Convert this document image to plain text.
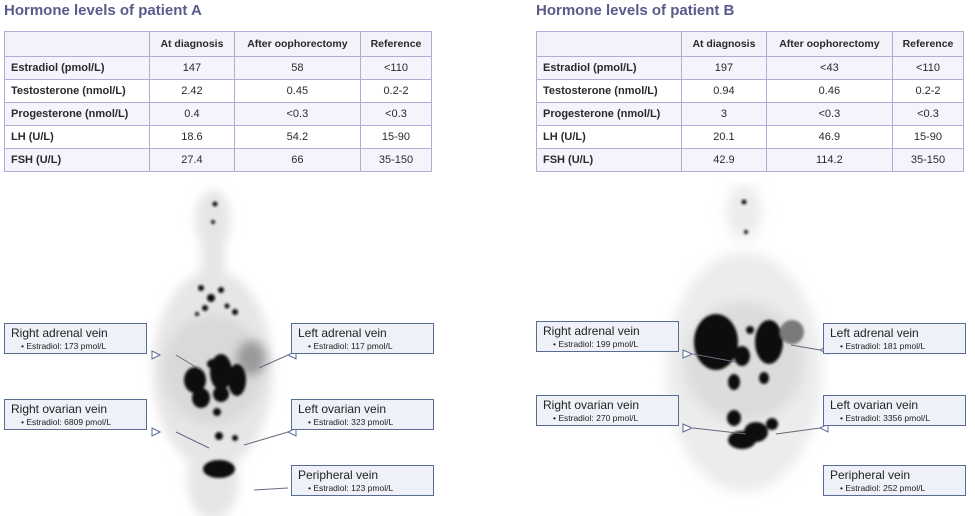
Hormone levels of patient A
	At diagnosis	After oophorectomy	Reference
Estradiol (pmol/L)	147	58	<110
Testosterone (nmol/L)	2.42	0.45	0.2-2
Progesterone (nmol/L)	0.4	<0.3	<0.3
LH (U/L)	18.6	54.2	15-90
FSH (U/L)	27.4	66	35-150
Right adrenal vein
• Estradiol: 173 pmol/L
Left adrenal vein
• Estradiol: 117 pmol/L
Right ovarian vein
• Estradiol: 6809 pmol/L
Left ovarian vein
• Estradiol: 323 pmol/L
Peripheral vein
• Estradiol: 123 pmol/L
Hormone levels of patient B
	At diagnosis	After oophorectomy	Reference
Estradiol (pmol/L)	197	<43	<110
Testosterone (nmol/L)	0.94	0.46	0.2-2
Progesterone (nmol/L)	3	<0.3	<0.3
LH (U/L)	20.1	46.9	15-90
FSH (U/L)	42.9	114.2	35-150
Right adrenal vein
• Estradiol: 199 pmol/L
Left adrenal vein
• Estradiol: 181 pmol/L
Right ovarian vein
• Estradiol: 270 pmol/L
Left ovarian vein
• Estradiol: 3356 pmol/L
Peripheral vein
• Estradiol: 252 pmol/L
